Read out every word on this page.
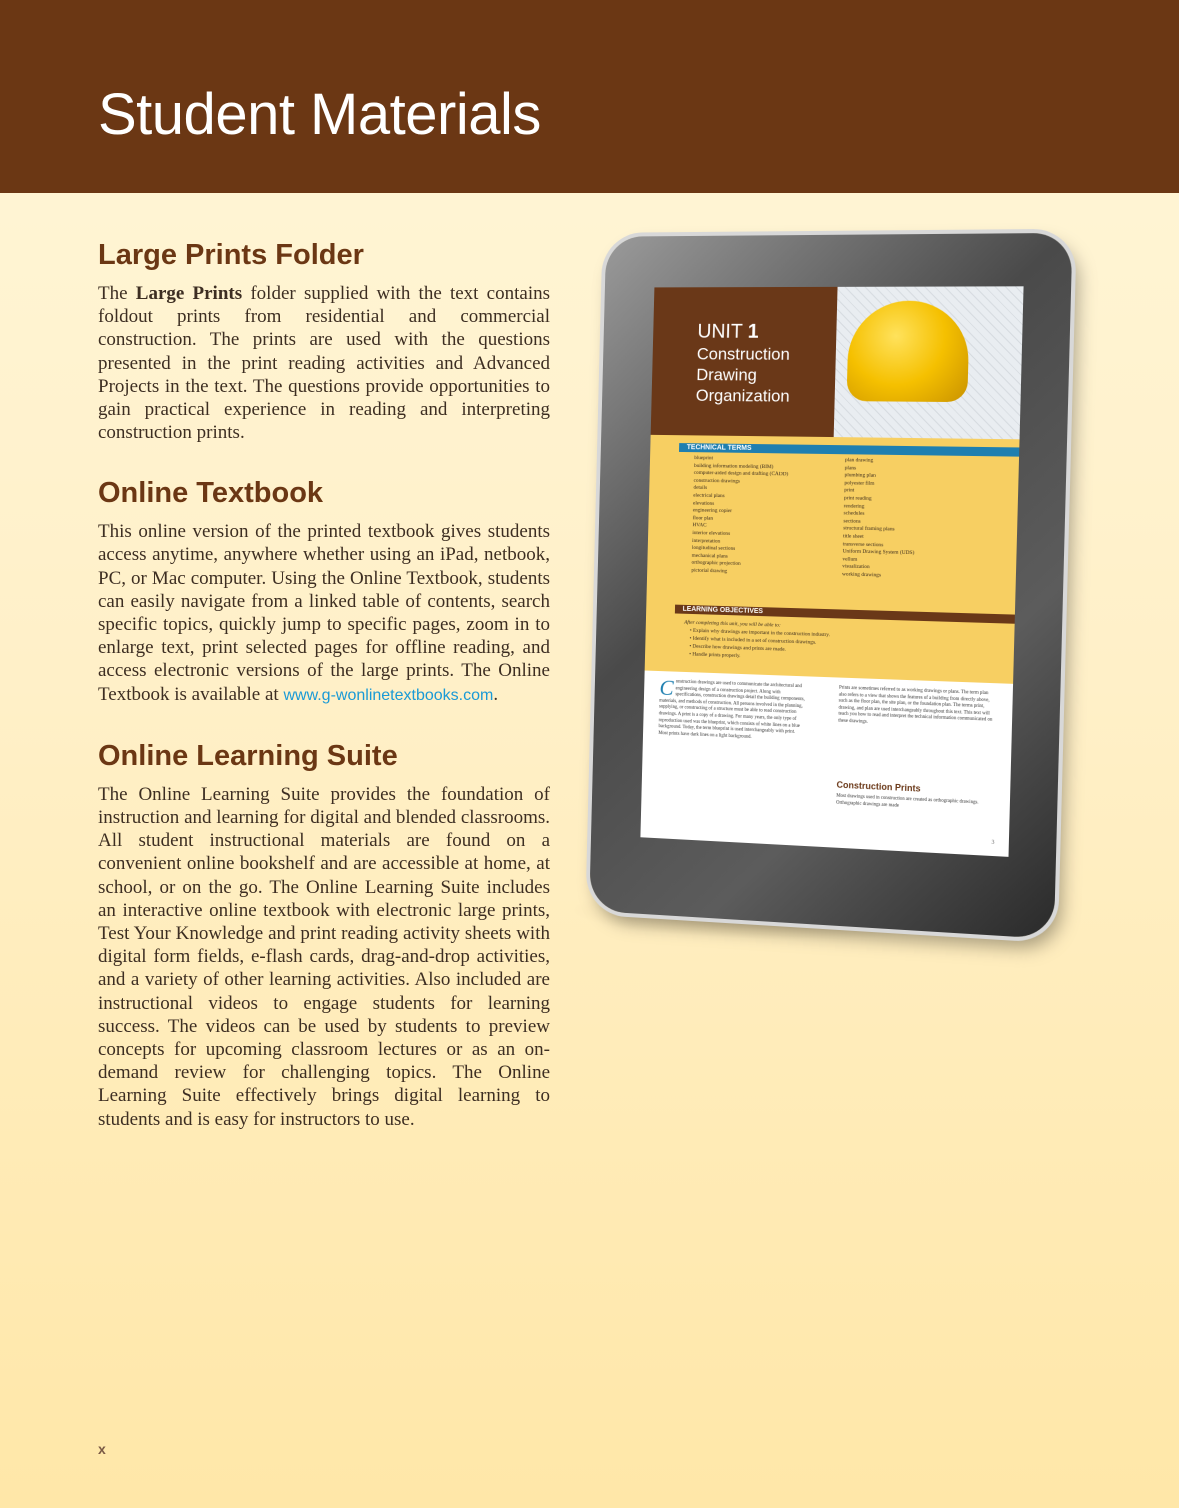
Student Materials
Large Prints Folder

The Large Prints folder supplied with the text contains foldout prints from residential and commercial construction. The prints are used with the questions presented in the print reading activities and Advanced Projects in the text. The questions provide opportunities to gain practical experience in reading and interpreting construction prints.

Online Textbook

This online version of the printed textbook gives students access anytime, anywhere whether using an iPad, netbook, PC, or Mac computer. Using the Online Textbook, students can easily navigate from a linked table of contents, search specific topics, quickly jump to specific pages, zoom in to enlarge text, print selected pages for offline reading, and access electronic versions of the large prints. The Online Textbook is available at www.g-wonlinetextbooks.com.

Online Learning Suite

The Online Learning Suite provides the foundation of instruction and learning for digital and blended classrooms. All student instructional materials are found on a convenient online bookshelf and are accessible at home, at school, or on the go. The Online Learning Suite includes an interactive online textbook with electronic large prints, Test Your Knowledge and print reading activity sheets with digital form fields, e-flash cards, drag-and-drop activities, and a variety of other learning activities. Also included are instructional videos to engage students for learning success. The videos can be used by students to preview concepts for upcoming classroom lectures or as an on-demand review for challenging topics. The Online Learning Suite effectively brings digital learning to students and is easy for instructors to use.

UNIT 1
Construction
Drawing
Organization
TECHNICAL TERMS
blueprint
building information modeling (BIM)
computer-aided design and drafting (CADD)
construction drawings
details
electrical plans
elevations
engineering copier
floor plan
HVAC
interior elevations
interpretation
longitudinal sections
mechanical plans
orthographic projection
pictorial drawing
plan drawing
plans
plumbing plan
polyester film
print
print reading
rendering
schedules
sections
structural framing plans
title sheet
transverse sections
Uniform Drawing System (UDS)
vellum
visualization
working drawings
LEARNING OBJECTIVES
After completing this unit, you will be able to:
• Explain why drawings are important in the construction industry.
• Identify what is included in a set of construction drawings.
• Describe how drawings and prints are made.
• Handle prints properly.
Construction drawings are used to communicate the architectural and engineering design of a construction project. Along with specifications, construction drawings detail the building components, materials, and methods of construction. All persons involved in the planning, supplying, or constructing of a structure must be able to read construction drawings. A print is a copy of a drawing. For many years, the only type of reproduction used was the blueprint, which consists of white lines on a blue background. Today, the term blueprint is used interchangeably with print. Most prints have dark lines on a light background.
Prints are sometimes referred to as working drawings or plans. The term plan also refers to a view that shows the features of a building from directly above, such as the floor plan, the site plan, or the foundation plan. The terms print, drawing, and plan are used interchangeably throughout this text. This text will teach you how to read and interpret the technical information communicated on these drawings.
Construction Prints
Most drawings used in construction are created as orthographic drawings. Orthographic drawings are made
3
x
